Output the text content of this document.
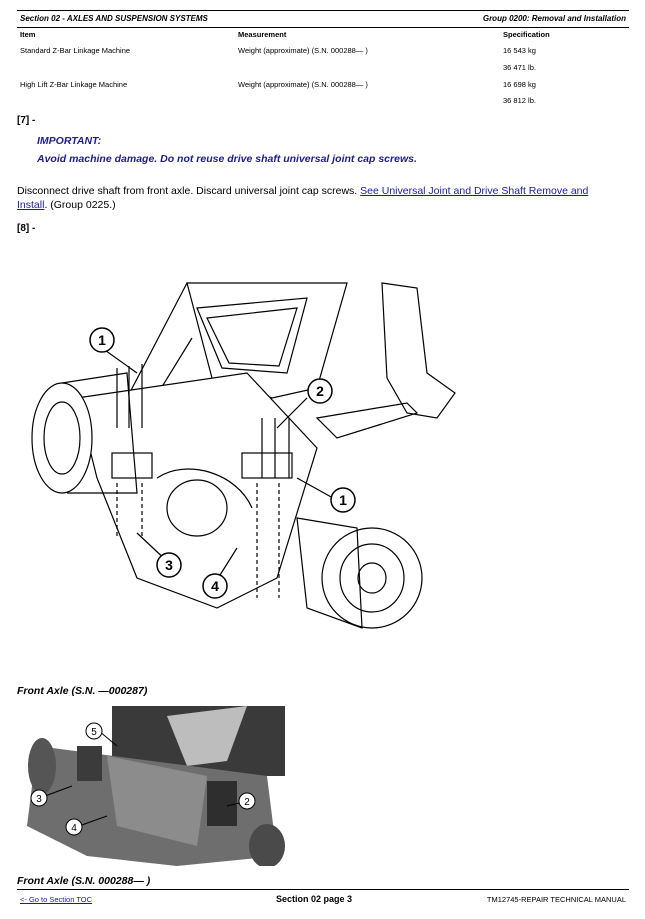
Section 02 - AXLES AND SUSPENSION SYSTEMS	Group 0200: Removal and Installation
Item	Measurement	Specification
Standard Z-Bar Linkage Machine	Weight (approximate) (S.N. 000288— )	16 543 kg
36 471 lb.
High Lift Z-Bar Linkage Machine	Weight (approximate) (S.N. 000288— )	16 698 kg
36 812 lb.
[7] -
IMPORTANT:
Avoid machine damage. Do not reuse drive shaft universal joint cap screws.
Disconnect drive shaft from front axle. Discard universal joint cap screws. See Universal Joint and Drive Shaft Remove and Install. (Group 0225.)
[8] -
1
2
1
3
4
Front Axle (S.N. —000287)
5
3
4
2
Front Axle (S.N. 000288— )
<- Go to Section TOC	Section 02 page 3	TM12745-REPAIR TECHNICAL MANUAL
